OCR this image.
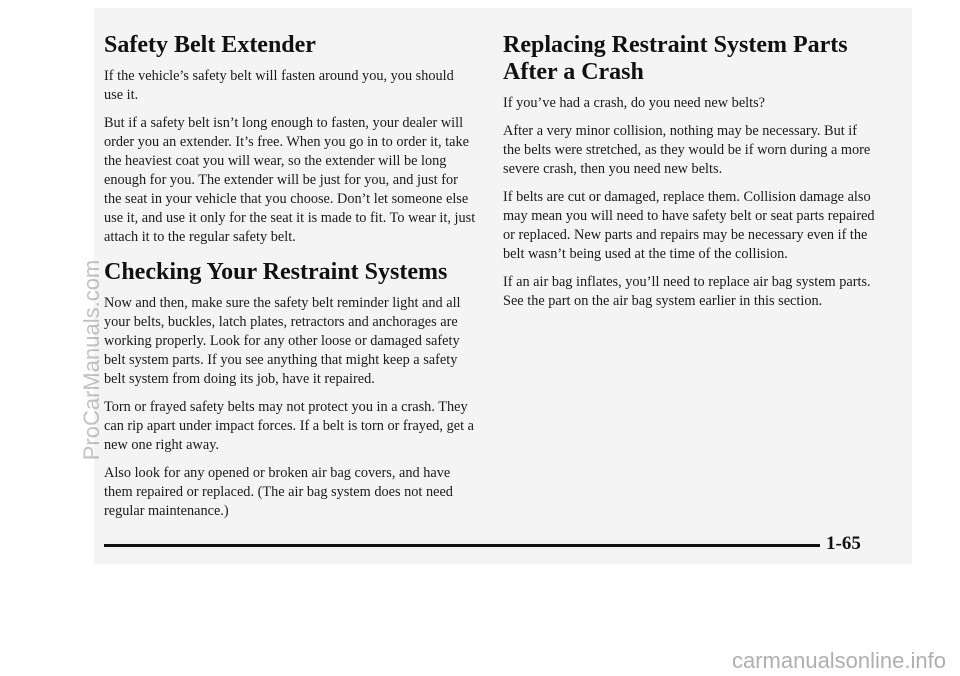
Safety Belt Extender

If the vehicle’s safety belt will fasten around you, you should use it.

But if a safety belt isn’t long enough to fasten, your dealer will order you an extender. It’s free. When you go in to order it, take the heaviest coat you will wear, so the extender will be long enough for you. The extender will be just for you, and just for the seat in your vehicle that you choose. Don’t let someone else use it, and use it only for the seat it is made to fit. To wear it, just attach it to the regular safety belt.

Checking Your Restraint Systems

Now and then, make sure the safety belt reminder light and all your belts, buckles, latch plates, retractors and anchorages are working properly. Look for any other loose or damaged safety belt system parts. If you see anything that might keep a safety belt system from doing its job, have it repaired.

Torn or frayed safety belts may not protect you in a crash. They can rip apart under impact forces. If a belt is torn or frayed, get a new one right away.

Also look for any opened or broken air bag covers, and have them repaired or replaced. (The air bag system does not need regular maintenance.)

Replacing Restraint System Parts After a Crash

If you’ve had a crash, do you need new belts?

After a very minor collision, nothing may be necessary. But if the belts were stretched, as they would be if worn during a more severe crash, then you need new belts.

If belts are cut or damaged, replace them. Collision damage also may mean you will need to have safety belt or seat parts repaired or replaced. New parts and repairs may be necessary even if the belt wasn’t being used at the time of the collision.

If an air bag inflates, you’ll need to replace air bag system parts. See the part on the air bag system earlier in this section.

1-65
ProCarManuals.com
carmanualsonline.info
